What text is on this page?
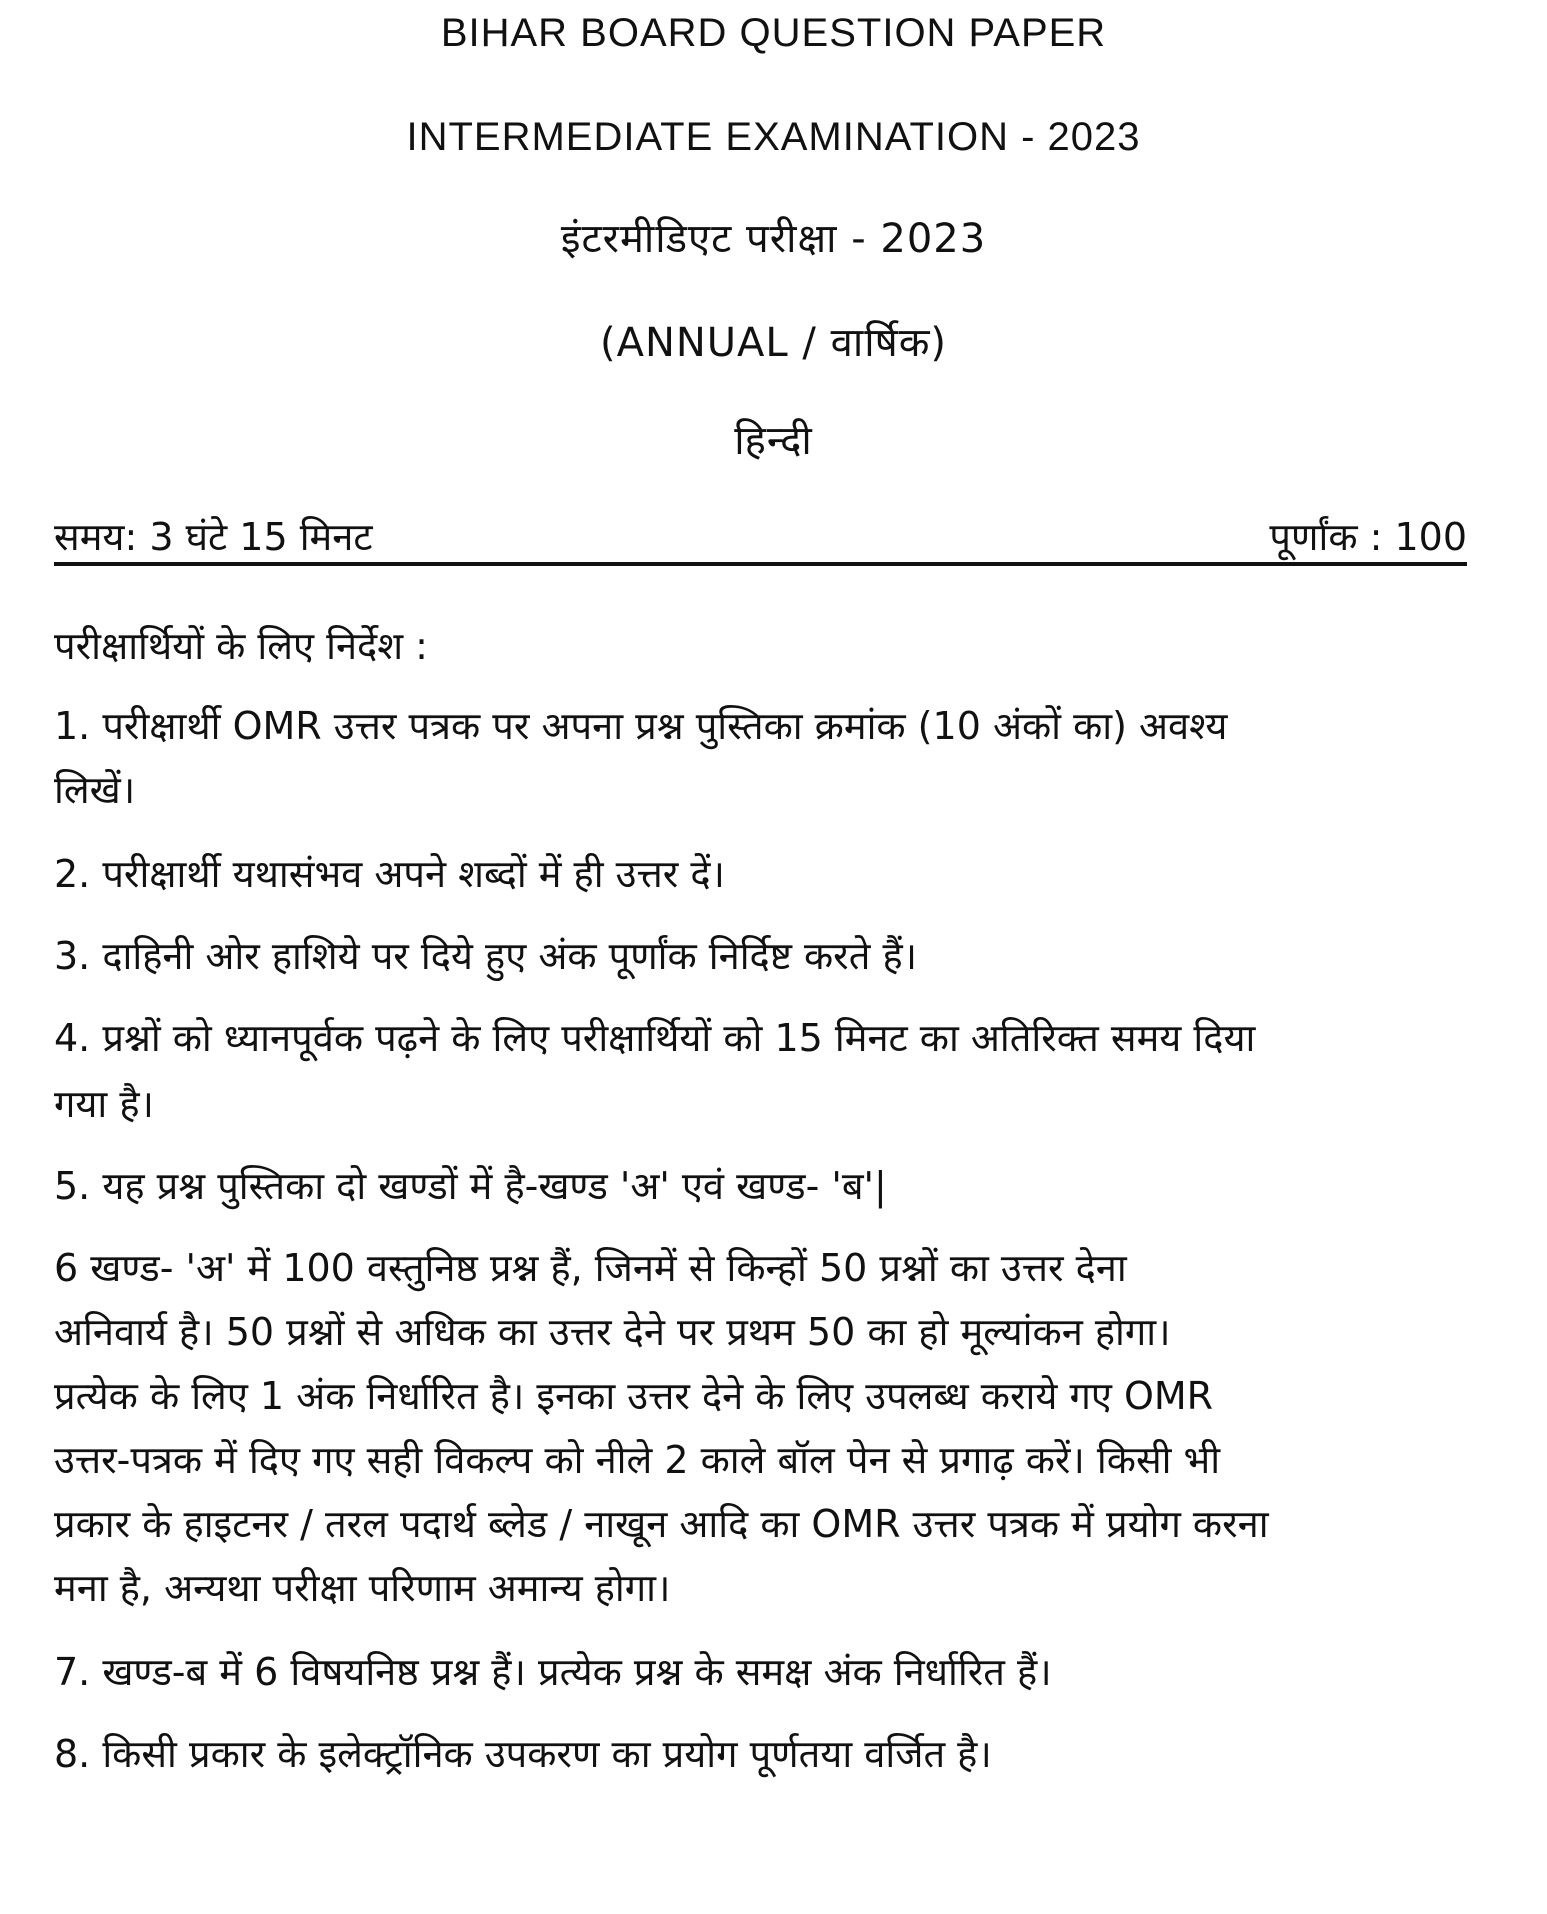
BIHAR BOARD QUESTION PAPER
INTERMEDIATE EXAMINATION - 2023
इंटरमीडिएट परीक्षा - 2023
(ANNUAL / वार्षिक)
हिन्दी
समय: 3 घंटे 15 मिनट	पूर्णांक : 100
परीक्षार्थियों के लिए निर्देश :
1. परीक्षार्थी OMR उत्तर पत्रक पर अपना प्रश्न पुस्तिका क्रमांक (10 अंकों का) अवश्य
लिखें।
2. परीक्षार्थी यथासंभव अपने शब्दों में ही उत्तर दें।
3. दाहिनी ओर हाशिये पर दिये हुए अंक पूर्णांक निर्दिष्ट करते हैं।
4. प्रश्नों को ध्यानपूर्वक पढ़ने के लिए परीक्षार्थियों को 15 मिनट का अतिरिक्त समय दिया
गया है।
5. यह प्रश्न पुस्तिका दो खण्डों में है-खण्ड 'अ' एवं खण्ड- 'ब'|
6 खण्ड- 'अ' में 100 वस्तुनिष्ठ प्रश्न हैं, जिनमें से किन्हों 50 प्रश्नों का उत्तर देना
अनिवार्य है। 50 प्रश्नों से अधिक का उत्तर देने पर प्रथम 50 का हो मूल्यांकन होगा।
प्रत्येक के लिए 1 अंक निर्धारित है। इनका उत्तर देने के लिए उपलब्ध कराये गए OMR
उत्तर-पत्रक में दिए गए सही विकल्प को नीले 2 काले बॉल पेन से प्रगाढ़ करें। किसी भी
प्रकार के हाइटनर / तरल पदार्थ ब्लेड / नाखून आदि का OMR उत्तर पत्रक में प्रयोग करना
मना है, अन्यथा परीक्षा परिणाम अमान्य होगा।
7. खण्ड-ब में 6 विषयनिष्ठ प्रश्न हैं। प्रत्येक प्रश्न के समक्ष अंक निर्धारित हैं।
8. किसी प्रकार के इलेक्ट्रॉनिक उपकरण का प्रयोग पूर्णतया वर्जित है।
